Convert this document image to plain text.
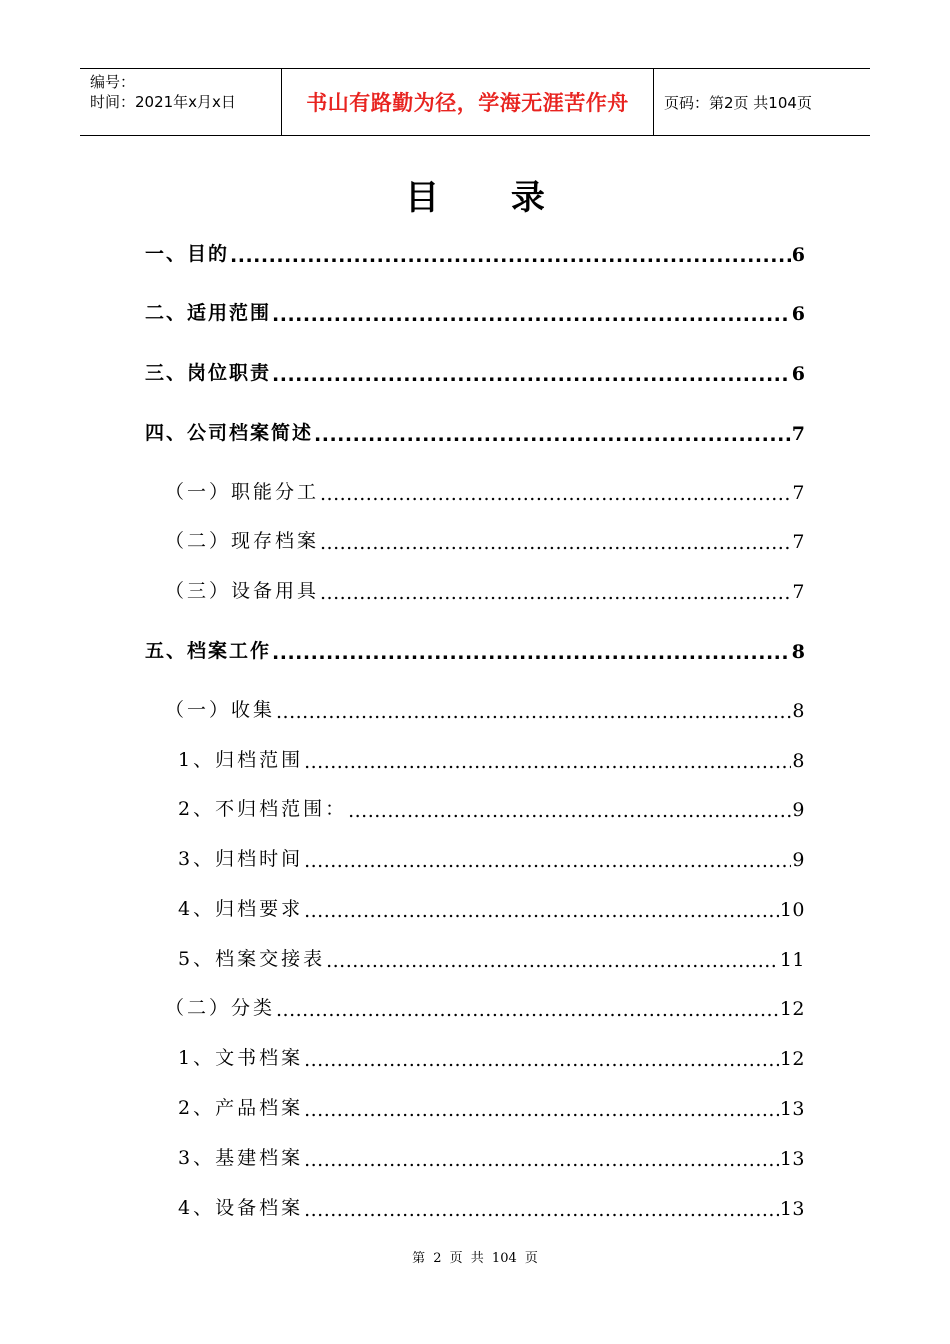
编号：
时间：2021年x月x日	书山有路勤为径，学海无涯苦作舟 页码：第2页 共104页
目 录
一、目的 .....	6
二、适用范围 .....	6
三、岗位职责 .....	6
四、公司档案简述 .....	7
（一）职能分工 .....	7
（二）现存档案 .....	7
（三）设备用具 .....	7
五、档案工作 .....	8
（一）收集 .....	8
1、归档范围 .....	8
2、不归档范围： .....	9
3、归档时间 .....	9
4、归档要求 .....	10
5、档案交接表 .....	11
（二）分类 .....	12
1、文书档案 .....	12
2、产品档案 .....	13
3、基建档案 .....	13
4、设备档案 .....	13
第 2 页 共 104 页
